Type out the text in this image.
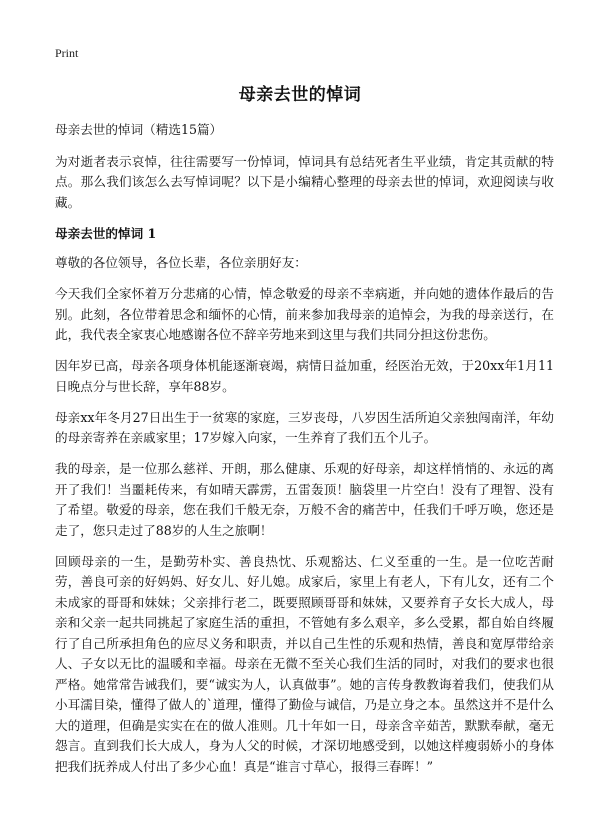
Print
母亲去世的悼词

母亲去世的悼词（精选15篇）

为对逝者表示哀悼，往往需要写一份悼词，悼词具有总结死者生平业绩，肯定其贡献的特点。那么我们该怎么去写悼词呢？以下是小编精心整理的母亲去世的悼词，欢迎阅读与收藏。

母亲去世的悼词 1

尊敬的各位领导，各位长辈，各位亲朋好友：

今天我们全家怀着万分悲痛的心情，悼念敬爱的母亲不幸病逝，并向她的遗体作最后的告别。此刻，各位带着思念和缅怀的心情，前来参加我母亲的追悼会，为我的母亲送行，在此，我代表全家衷心地感谢各位不辞辛劳地来到这里与我们共同分担这份悲伤。

因年岁已高，母亲各项身体机能逐渐衰竭，病情日益加重，经医治无效，于20xx年1月11日晚点分与世长辞，享年88岁。

母亲xx年冬月27日出生于一贫寒的家庭，三岁丧母，八岁因生活所迫父亲独闯南洋，年幼的母亲寄养在亲戚家里；17岁嫁入向家，一生养育了我们五个儿子。

我的母亲，是一位那么慈祥、开朗，那么健康、乐观的好母亲，却这样悄悄的、永远的离开了我们！当噩耗传来，有如晴天霹雳，五雷轰顶！脑袋里一片空白！没有了理智、没有了希望。敬爱的母亲，您在我们千般无奈，万般不舍的痛苦中，任我们千呼万唤，您还是走了，您只走过了88岁的人生之旅啊！

回顾母亲的一生，是勤劳朴实、善良热忱、乐观豁达、仁义至重的一生。是一位吃苦耐劳，善良可亲的好妈妈、好女儿、好儿媳。成家后，家里上有老人，下有儿女，还有二个未成家的哥哥和妹妹；父亲排行老二，既要照顾哥哥和妹妹，又要养育子女长大成人，母亲和父亲一起共同挑起了家庭生活的重担，不管她有多么艰辛，多么受累，都自始自终履行了自己所承担角色的应尽义务和职责，并以自己生性的乐观和热情，善良和宽厚带给亲人、子女以无比的温暖和幸福。母亲在无微不至关心我们生活的同时，对我们的要求也很严格。她常常告诫我们，要“诚实为人，认真做事”。她的言传身教教诲着我们，使我们从小耳濡目染，懂得了做人的`道理，懂得了勤俭与诚信，乃是立身之本。虽然这并不是什么大的道理，但确是实实在在的做人准则。几十年如一日，母亲含辛茹苦，默默奉献，毫无怨言。直到我们长大成人，身为人父的时候，才深切地感受到，以她这样瘦弱娇小的身体把我们抚养成人付出了多少心血！真是“谁言寸草心，报得三春晖！”
